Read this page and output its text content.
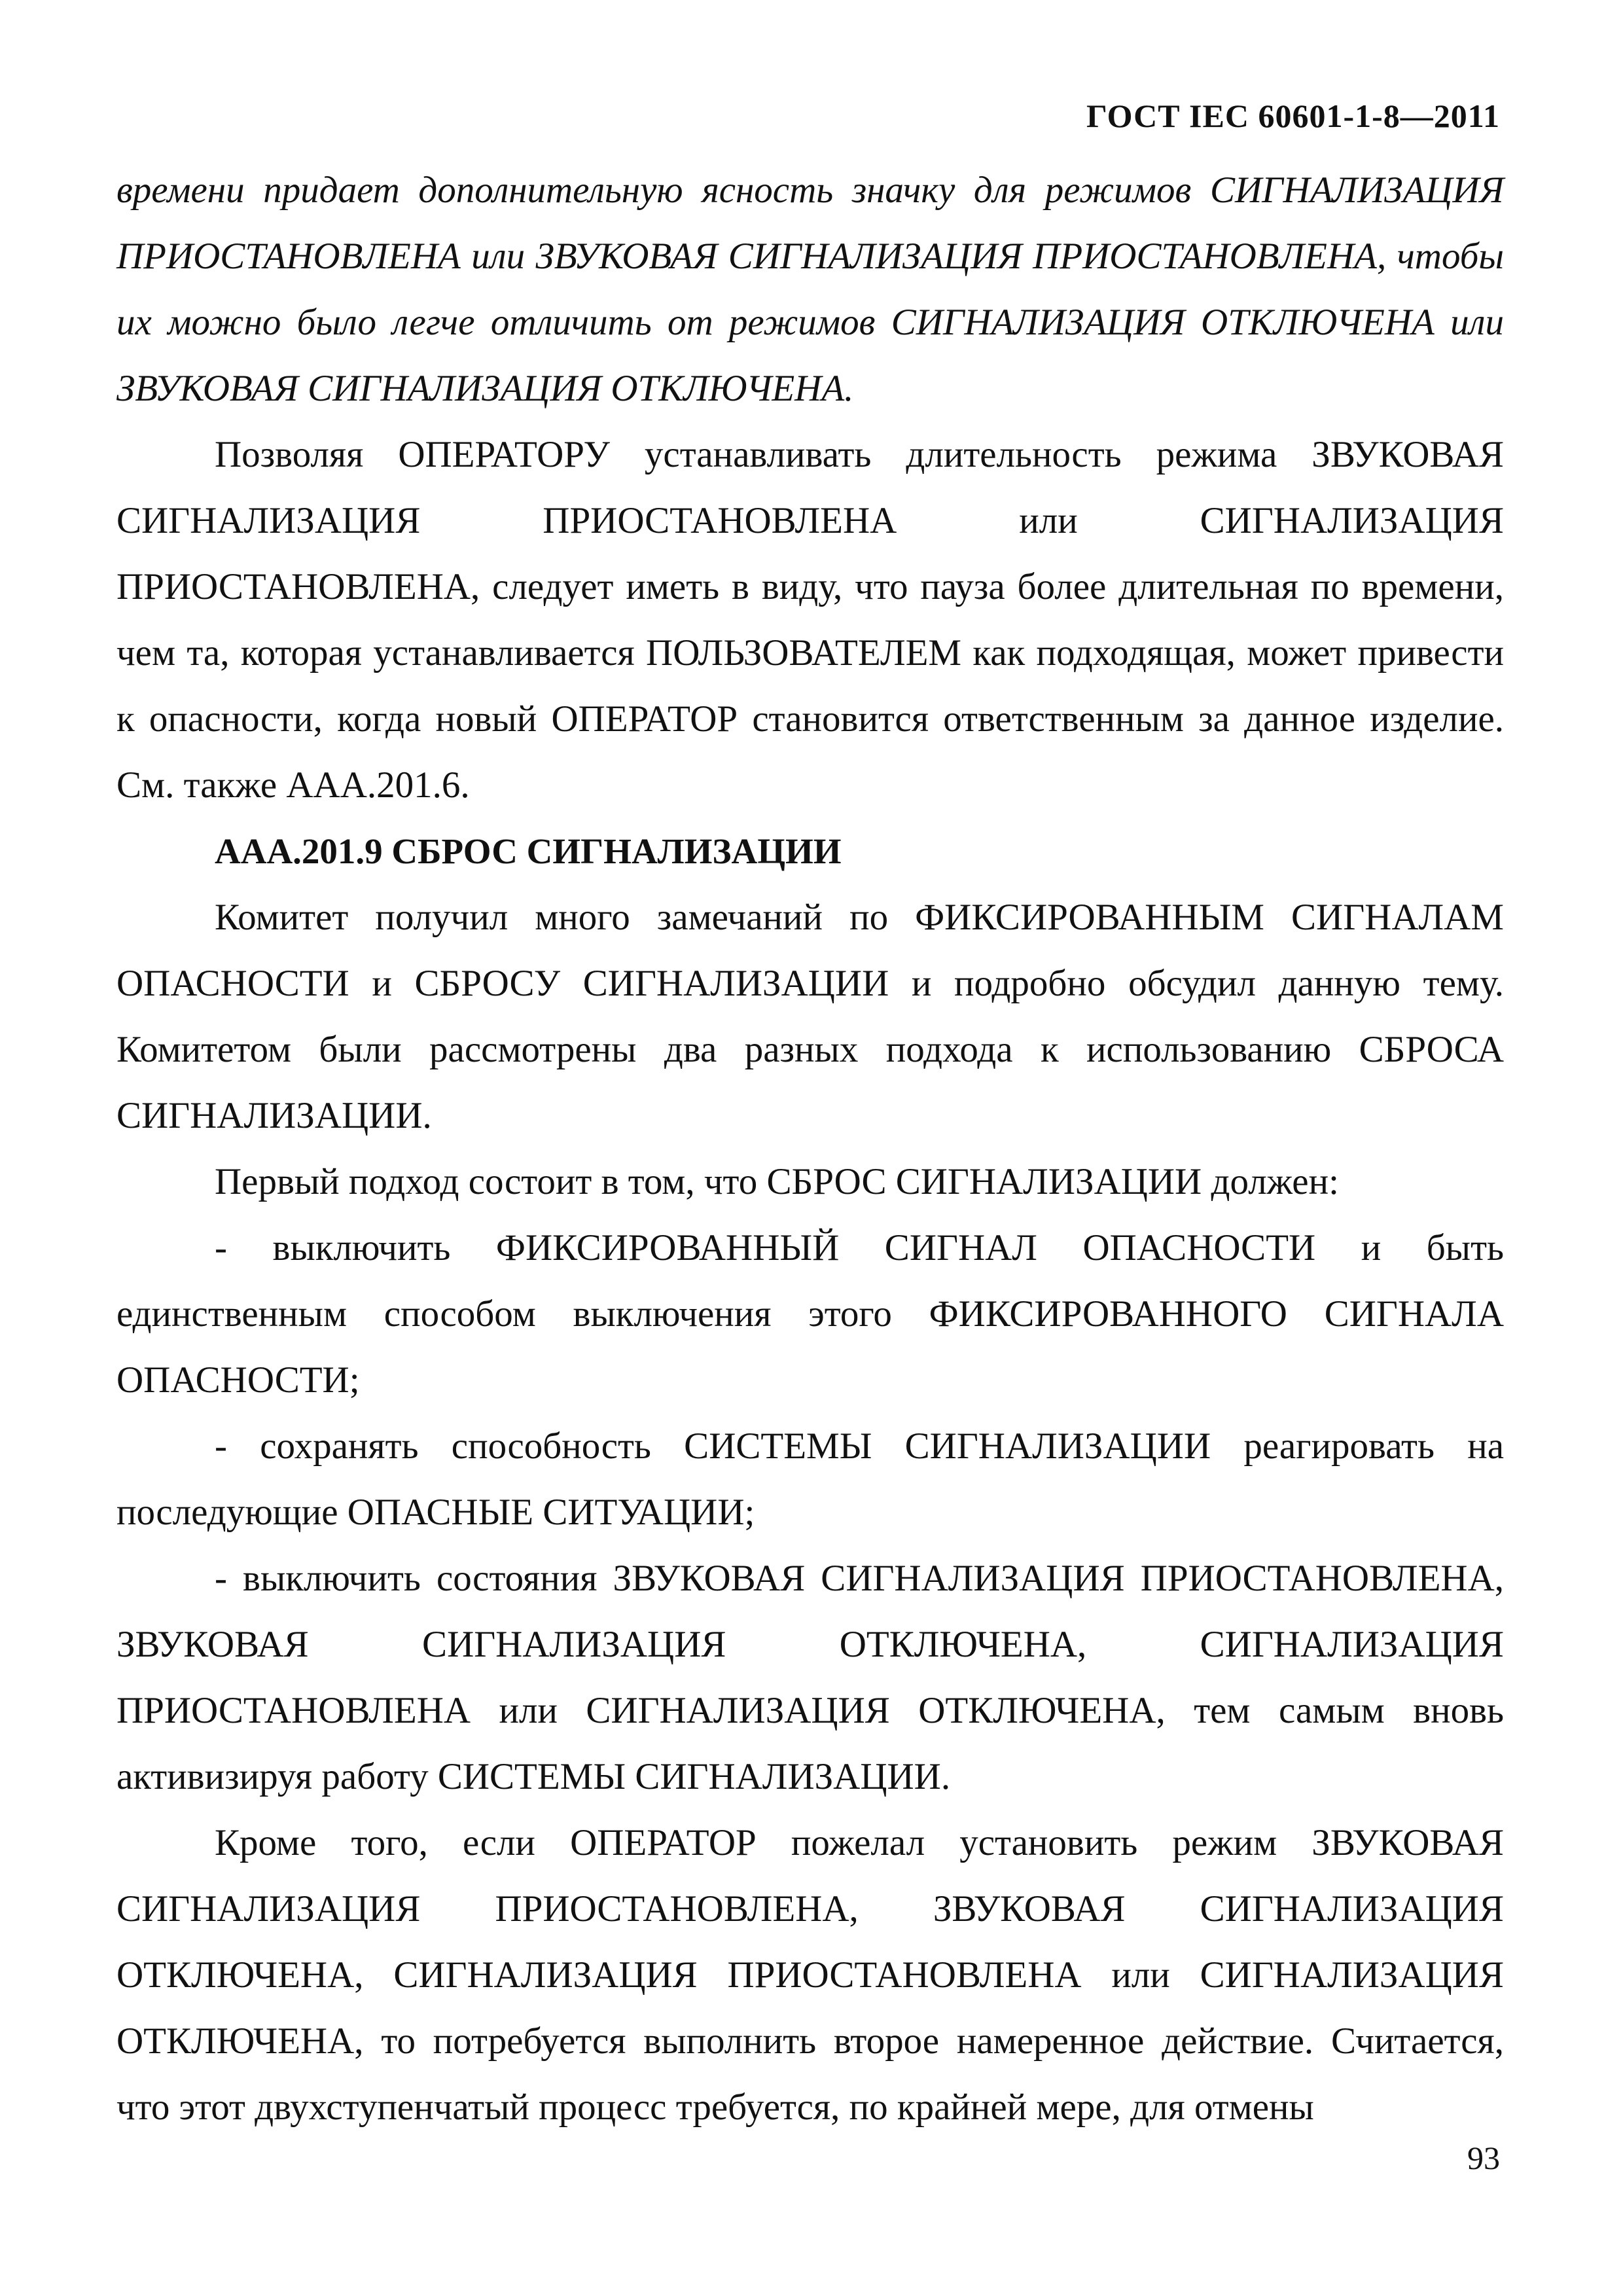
ГОСТ IEC 60601-1-8—2011

времени придает дополнительную ясность значку для режимов СИГНАЛИЗАЦИЯ ПРИОСТАНОВЛЕНА или ЗВУКОВАЯ СИГНАЛИЗАЦИЯ ПРИОСТАНОВЛЕНА, чтобы их можно было легче отличить от режимов СИГНАЛИЗАЦИЯ ОТКЛЮЧЕНА или ЗВУКОВАЯ СИГНАЛИЗАЦИЯ ОТКЛЮЧЕНА.

Позволяя ОПЕРАТОРУ устанавливать длительность режима ЗВУКОВАЯ СИГНАЛИЗАЦИЯ ПРИОСТАНОВЛЕНА или СИГНАЛИЗАЦИЯ ПРИОСТАНОВЛЕНА, следует иметь в виду, что пауза более длительная по времени, чем та, которая устанавливается ПОЛЬЗОВАТЕЛЕМ как подходящая, может привести к опасности, когда новый ОПЕРАТОР становится ответственным за данное изделие. См. также ААА.201.6.

ААА.201.9 СБРОС СИГНАЛИЗАЦИИ

Комитет получил много замечаний по ФИКСИРОВАННЫМ СИГНАЛАМ ОПАСНОСТИ и СБРОСУ СИГНАЛИЗАЦИИ и подробно обсудил данную тему. Комитетом были рассмотрены два разных подхода к использованию СБРОСА СИГНАЛИЗАЦИИ.

Первый подход состоит в том, что СБРОС СИГНАЛИЗАЦИИ должен:

- выключить ФИКСИРОВАННЫЙ СИГНАЛ ОПАСНОСТИ и быть единственным способом выключения этого ФИКСИРОВАННОГО СИГНАЛА ОПАСНОСТИ;

- сохранять способность СИСТЕМЫ СИГНАЛИЗАЦИИ реагировать на последующие ОПАСНЫЕ СИТУАЦИИ;

- выключить состояния ЗВУКОВАЯ СИГНАЛИЗАЦИЯ ПРИОСТАНОВЛЕНА, ЗВУКОВАЯ СИГНАЛИЗАЦИЯ ОТКЛЮЧЕНА, СИГНАЛИЗАЦИЯ ПРИОСТАНОВЛЕНА или СИГНАЛИЗАЦИЯ ОТКЛЮЧЕНА, тем самым вновь активизируя работу СИСТЕМЫ СИГНАЛИЗАЦИИ.

Кроме того, если ОПЕРАТОР пожелал установить режим ЗВУКОВАЯ СИГНАЛИЗАЦИЯ ПРИОСТАНОВЛЕНА, ЗВУКОВАЯ СИГНАЛИЗАЦИЯ ОТКЛЮЧЕНА, СИГНАЛИЗАЦИЯ ПРИОСТАНОВЛЕНА или СИГНАЛИЗАЦИЯ ОТКЛЮЧЕНА, то потребуется выполнить второе намеренное действие. Считается, что этот двухступенчатый процесс требуется, по крайней мере, для отмены

93
